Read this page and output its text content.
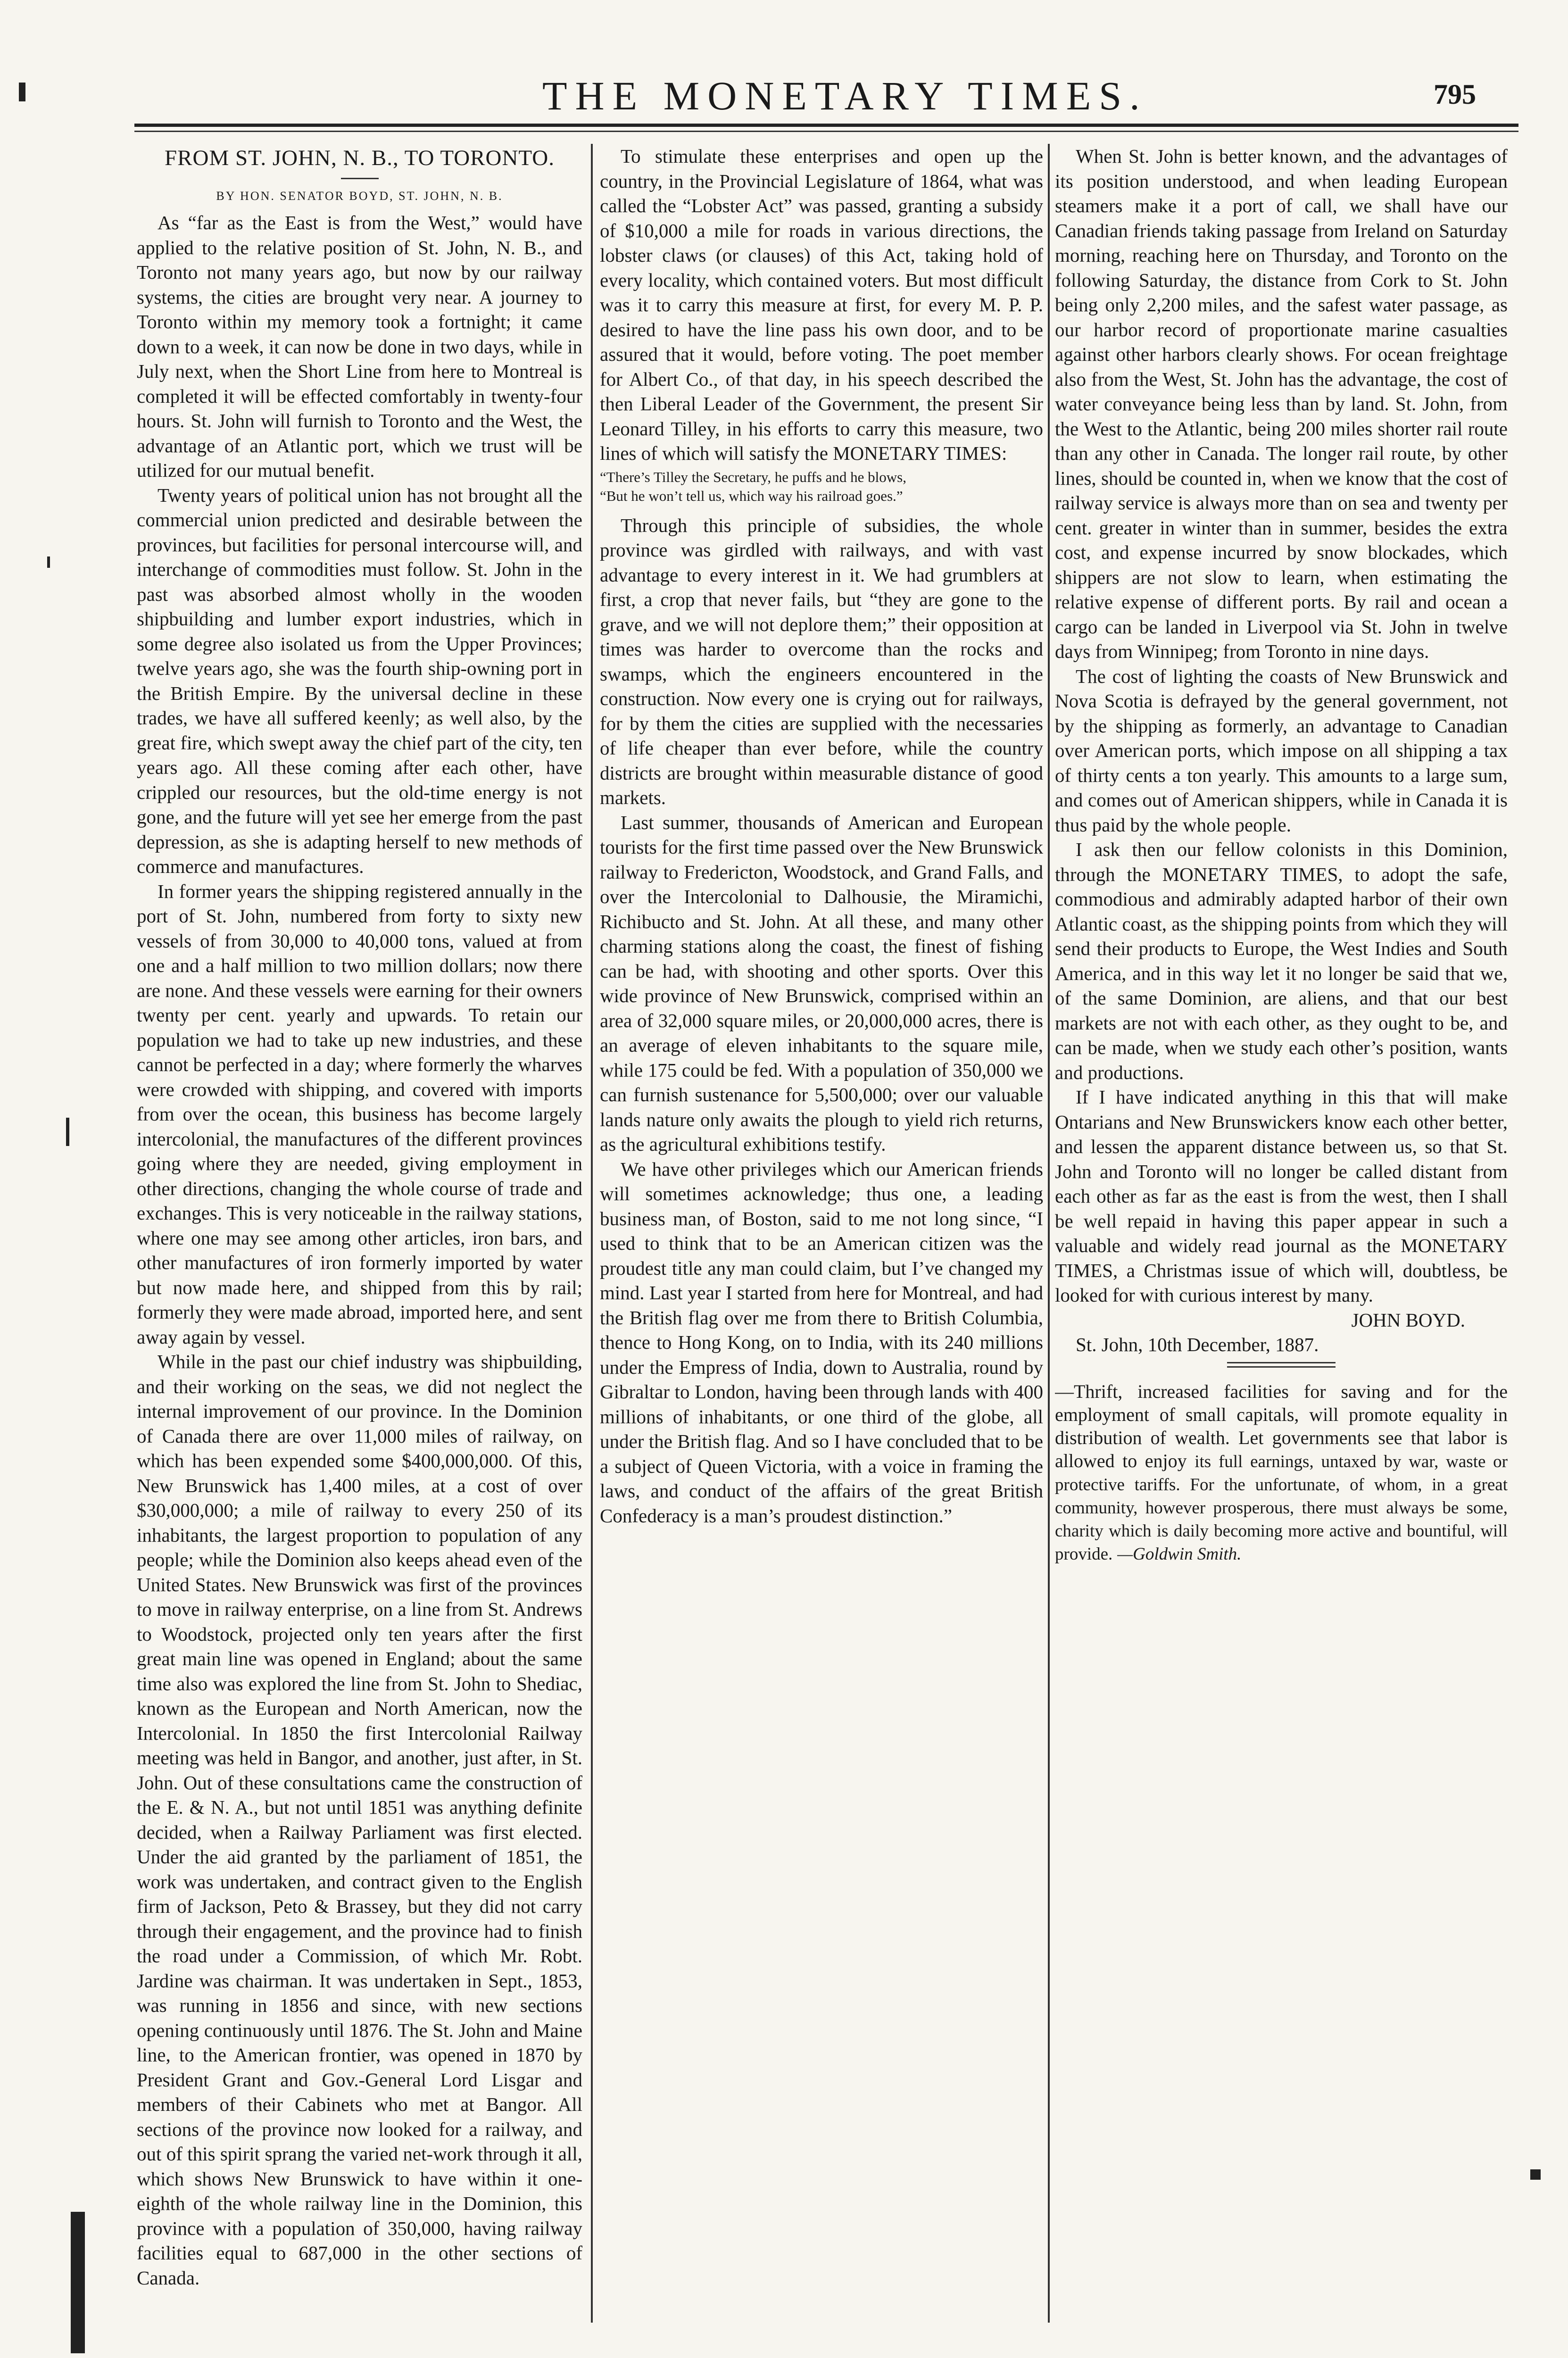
THE MONETARY TIMES.	795
FROM ST. JOHN, N. B., TO TORONTO.
BY HON. SENATOR BOYD, ST. JOHN, N. B.

As “far as the East is from the West,” would have applied to the relative position of St. John, N. B., and Toronto not many years ago, but now by our railway systems, the cities are brought very near. A journey to Toronto within my memory took a fortnight; it came down to a week, it can now be done in two days, while in July next, when the Short Line from here to Montreal is completed it will be effected comfortably in twenty-four hours. St. John will furnish to Toronto and the West, the advantage of an Atlantic port, which we trust will be utilized for our mutual benefit.

Twenty years of political union has not brought all the commercial union predicted and desirable between the provinces, but facilities for personal intercourse will, and interchange of commodities must follow. St. John in the past was absorbed almost wholly in the wooden shipbuilding and lumber export industries, which in some degree also isolated us from the Upper Provinces; twelve years ago, she was the fourth ship-owning port in the British Empire. By the universal decline in these trades, we have all suffered keenly; as well also, by the great fire, which swept away the chief part of the city, ten years ago. All these coming after each other, have crippled our resources, but the old-time energy is not gone, and the future will yet see her emerge from the past depression, as she is adapting herself to new methods of commerce and manufactures.

In former years the shipping registered annually in the port of St. John, numbered from forty to sixty new vessels of from 30,000 to 40,000 tons, valued at from one and a half million to two million dollars; now there are none. And these vessels were earning for their owners twenty per cent. yearly and upwards. To retain our population we had to take up new industries, and these cannot be perfected in a day; where formerly the wharves were crowded with shipping, and covered with imports from over the ocean, this business has become largely intercolonial, the manufactures of the different provinces going where they are needed, giving employment in other directions, changing the whole course of trade and exchanges. This is very noticeable in the railway stations, where one may see among other articles, iron bars, and other manufactures of iron formerly imported by water but now made here, and shipped from this by rail; formerly they were made abroad, imported here, and sent away again by vessel.

While in the past our chief industry was shipbuilding, and their working on the seas, we did not neglect the internal improvement of our province. In the Dominion of Canada there are over 11,000 miles of railway, on which has been expended some $400,000,000. Of this, New Brunswick has 1,400 miles, at a cost of over $30,000,000; a mile of railway to every 250 of its inhabitants, the largest proportion to population of any people; while the Dominion also keeps ahead even of the United States. New Brunswick was first of the provinces to move in railway enterprise, on a line from St. Andrews to Woodstock, projected only ten years after the first great main line was opened in England; about the same time also was explored the line from St. John to Shediac, known as the European and North American, now the Intercolonial. In 1850 the first Intercolonial Railway meeting was held in Bangor, and another, just after, in St. John. Out of these consultations came the construction of the E. & N. A., but not until 1851 was anything definite decided, when a Railway Parliament was first elected. Under the aid granted by the parliament of 1851, the work was undertaken, and contract given to the English firm of Jackson, Peto & Brassey, but they did not carry through their engagement, and the province had to finish the road under a Commission, of which Mr. Robt. Jardine was chairman. It was undertaken in Sept., 1853, was running in 1856 and since, with new sections opening continuously until 1876. The St. John and Maine line, to the American frontier, was opened in 1870 by President Grant and Gov.-General Lord Lisgar and members of their Cabinets who met at Bangor. All sections of the province now looked for a railway, and out of this spirit sprang the varied net-work through it all, which shows New Brunswick to have within it one-eighth of the whole railway line in the Dominion, this province with a population of 350,000, having railway facilities equal to 687,000 in the other sections of Canada.

To stimulate these enterprises and open up the country, in the Provincial Legislature of 1864, what was called the “Lobster Act” was passed, granting a subsidy of $10,000 a mile for roads in various directions, the lobster claws (or clauses) of this Act, taking hold of every locality, which contained voters. But most difficult was it to carry this measure at first, for every M. P. P. desired to have the line pass his own door, and to be assured that it would, before voting. The poet member for Albert Co., of that day, in his speech described the then Liberal Leader of the Government, the present Sir Leonard Tilley, in his efforts to carry this measure, two lines of which will satisfy the MONETARY TIMES:

“There’s Tilley the Secretary, he puffs and he blows,
“But he won’t tell us, which way his railroad goes.”

Through this principle of subsidies, the whole province was girdled with railways, and with vast advantage to every interest in it. We had grumblers at first, a crop that never fails, but “they are gone to the grave, and we will not deplore them;” their opposition at times was harder to overcome than the rocks and swamps, which the engineers encountered in the construction. Now every one is crying out for railways, for by them the cities are supplied with the necessaries of life cheaper than ever before, while the country districts are brought within measurable distance of good markets.

Last summer, thousands of American and European tourists for the first time passed over the New Brunswick railway to Fredericton, Woodstock, and Grand Falls, and over the Intercolonial to Dalhousie, the Miramichi, Richibucto and St. John. At all these, and many other charming stations along the coast, the finest of fishing can be had, with shooting and other sports. Over this wide province of New Brunswick, comprised within an area of 32,000 square miles, or 20,000,000 acres, there is an average of eleven inhabitants to the square mile, while 175 could be fed. With a population of 350,000 we can furnish sustenance for 5,500,000; over our valuable lands nature only awaits the plough to yield rich returns, as the agricultural exhibitions testify.

We have other privileges which our American friends will sometimes acknowledge; thus one, a leading business man, of Boston, said to me not long since, “I used to think that to be an American citizen was the proudest title any man could claim, but I’ve changed my mind. Last year I started from here for Montreal, and had the British flag over me from there to British Columbia, thence to Hong Kong, on to India, with its 240 millions under the Empress of India, down to Australia, round by Gibraltar to London, having been through lands with 400 millions of inhabitants, or one third of the globe, all under the British flag. And so I have concluded that to be a subject of Queen Victoria, with a voice in framing the laws, and conduct of the affairs of the great British Confederacy is a man’s proudest distinction.”

When St. John is better known, and the advantages of its position understood, and when leading European steamers make it a port of call, we shall have our Canadian friends taking passage from Ireland on Saturday morning, reaching here on Thursday, and Toronto on the following Saturday, the distance from Cork to St. John being only 2,200 miles, and the safest water passage, as our harbor record of proportionate marine casualties against other harbors clearly shows. For ocean freightage also from the West, St. John has the advantage, the cost of water conveyance being less than by land. St. John, from the West to the Atlantic, being 200 miles shorter rail route than any other in Canada. The longer rail route, by other lines, should be counted in, when we know that the cost of railway service is always more than on sea and twenty per cent. greater in winter than in summer, besides the extra cost, and expense incurred by snow blockades, which shippers are not slow to learn, when estimating the relative expense of different ports. By rail and ocean a cargo can be landed in Liverpool via St. John in twelve days from Winnipeg; from Toronto in nine days.

The cost of lighting the coasts of New Brunswick and Nova Scotia is defrayed by the general government, not by the shipping as formerly, an advantage to Canadian over American ports, which impose on all shipping a tax of thirty cents a ton yearly. This amounts to a large sum, and comes out of American shippers, while in Canada it is thus paid by the whole people.

I ask then our fellow colonists in this Dominion, through the MONETARY TIMES, to adopt the safe, commodious and admirably adapted harbor of their own Atlantic coast, as the shipping points from which they will send their products to Europe, the West Indies and South America, and in this way let it no longer be said that we, of the same Dominion, are aliens, and that our best markets are not with each other, as they ought to be, and can be made, when we study each other’s position, wants and productions.

If I have indicated anything in this that will make Ontarians and New Brunswickers know each other better, and lessen the apparent distance between us, so that St. John and Toronto will no longer be called distant from each other as far as the east is from the west, then I shall be well repaid in having this paper appear in such a valuable and widely read journal as the MONETARY TIMES, a Christmas issue of which will, doubtless, be looked for with curious interest by many.

JOHN BOYD.
St. John, 10th December, 1887.
—Thrift, increased facilities for saving and for the employment of small capitals, will promote equality in distribution of wealth. Let governments see that labor is allowed to enjoy its full earnings, untaxed by war, waste or protective tariffs. For the unfortunate, of whom, in a great community, however prosperous, there must always be some, charity which is daily becoming more active and bountiful, will provide. —Goldwin Smith.
